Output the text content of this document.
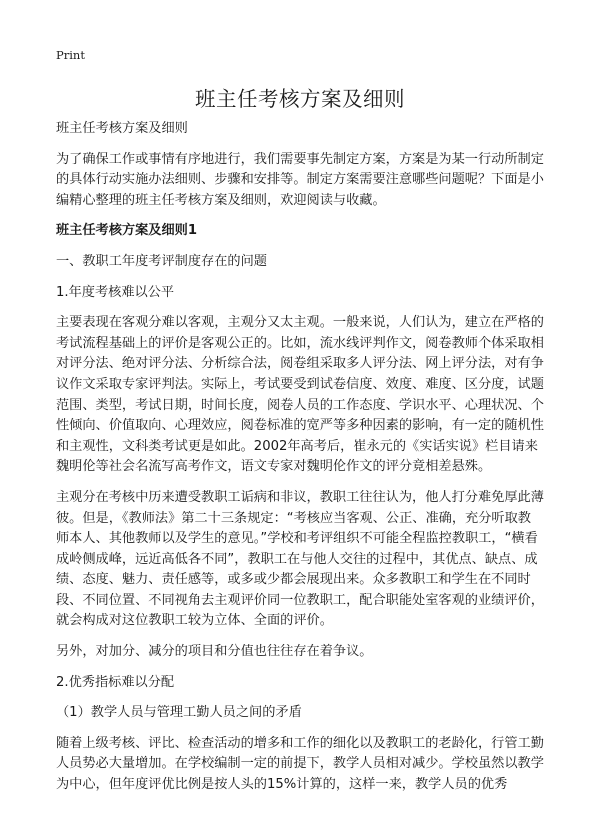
Print
班主任考核方案及细则

班主任考核方案及细则

为了确保工作或事情有序地进行，我们需要事先制定方案，方案是为某一行动所制定的具体行动实施办法细则、步骤和安排等。制定方案需要注意哪些问题呢？下面是小编精心整理的班主任考核方案及细则，欢迎阅读与收藏。

班主任考核方案及细则1

一、教职工年度考评制度存在的问题

1.年度考核难以公平

主要表现在客观分难以客观，主观分又太主观。一般来说，人们认为，建立在严格的考试流程基础上的评价是客观公正的。比如，流水线评判作文，阅卷教师个体采取相对评分法、绝对评分法、分析综合法，阅卷组采取多人评分法、网上评分法，对有争议作文采取专家评判法。实际上，考试要受到试卷信度、效度、难度、区分度，试题范围、类型，考试日期，时间长度，阅卷人员的工作态度、学识水平、心理状况、个性倾向、价值取向、心理效应，阅卷标准的宽严等多种因素的影响，有一定的随机性和主观性，文科类考试更是如此。2002年高考后，崔永元的《实话实说》栏目请来魏明伦等社会名流写高考作文，语文专家对魏明伦作文的评分竟相差悬殊。

主观分在考核中历来遭受教职工诟病和非议，教职工往往认为，他人打分难免厚此薄彼。但是，《教师法》第二十三条规定：“考核应当客观、公正、准确，充分听取教师本人、其他教师以及学生的意见。”学校和考评组织不可能全程监控教职工，“横看成岭侧成峰，远近高低各不同”，教职工在与他人交往的过程中，其优点、缺点、成绩、态度、魅力、责任感等，或多或少都会展现出来。众多教职工和学生在不同时段、不同位置、不同视角去主观评价同一位教职工，配合职能处室客观的业绩评价，就会构成对这位教职工较为立体、全面的评价。

另外，对加分、减分的项目和分值也往往存在着争议。

2.优秀指标难以分配

（1）教学人员与管理工勤人员之间的矛盾

随着上级考核、评比、检查活动的增多和工作的细化以及教职工的老龄化，行管工勤人员势必大量增加。在学校编制一定的前提下，教学人员相对减少。学校虽然以教学为中心，但年度评优比例是按人头的15%计算的，这样一来，教学人员的优秀
